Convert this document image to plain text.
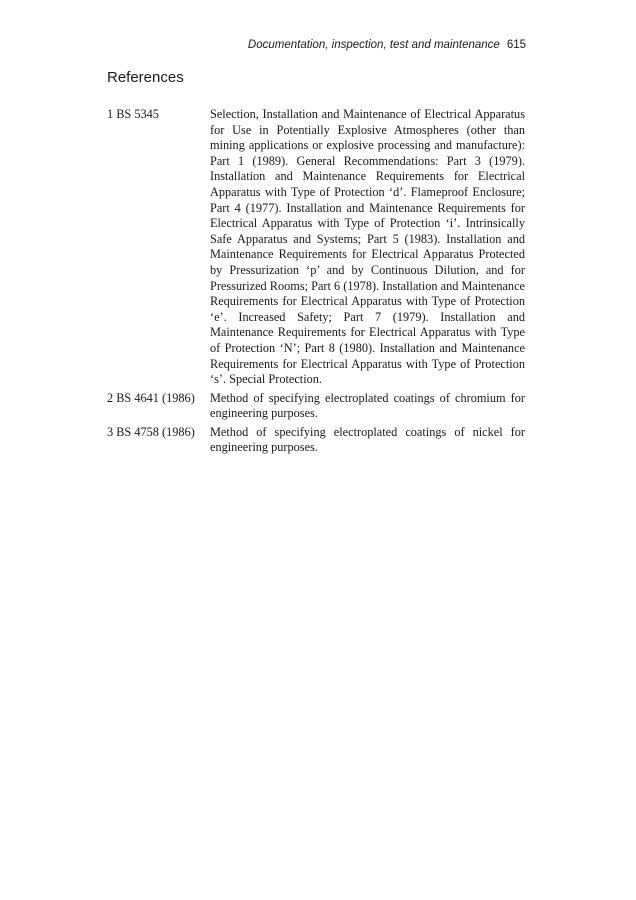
Documentation, inspection, test and maintenance 615
References
1 BS 5345	Selection, Installation and Maintenance of Electrical Apparatus for Use in Potentially Explosive Atmospheres (other than mining applications or explosive processing and manufacture): Part 1 (1989). General Recommendations: Part 3 (1979). Installation and Maintenance Requirements for Electrical Apparatus with Type of Protection ‘d’. Flameproof Enclosure; Part 4 (1977). Installation and Maintenance Requirements for Electrical Apparatus with Type of Protection ‘i’. Intrinsically Safe Apparatus and Systems; Part 5 (1983). Installation and Maintenance Requirements for Electrical Apparatus Protected by Pressurization ‘p’ and by Continuous Dilution, and for Pressurized Rooms; Part 6 (1978). Installation and Maintenance Requirements for Electrical Apparatus with Type of Protection ‘e’. Increased Safety; Part 7 (1979). Installation and Maintenance Requirements for Electrical Apparatus with Type of Protection ‘N’; Part 8 (1980). Installation and Maintenance Requirements for Electrical Apparatus with Type of Protection ‘s’. Special Protection.
2 BS 4641 (1986) Method of specifying electroplated coatings of chromium for engineering purposes.
3 BS 4758 (1986) Method of specifying electroplated coatings of nickel for engineering purposes.
